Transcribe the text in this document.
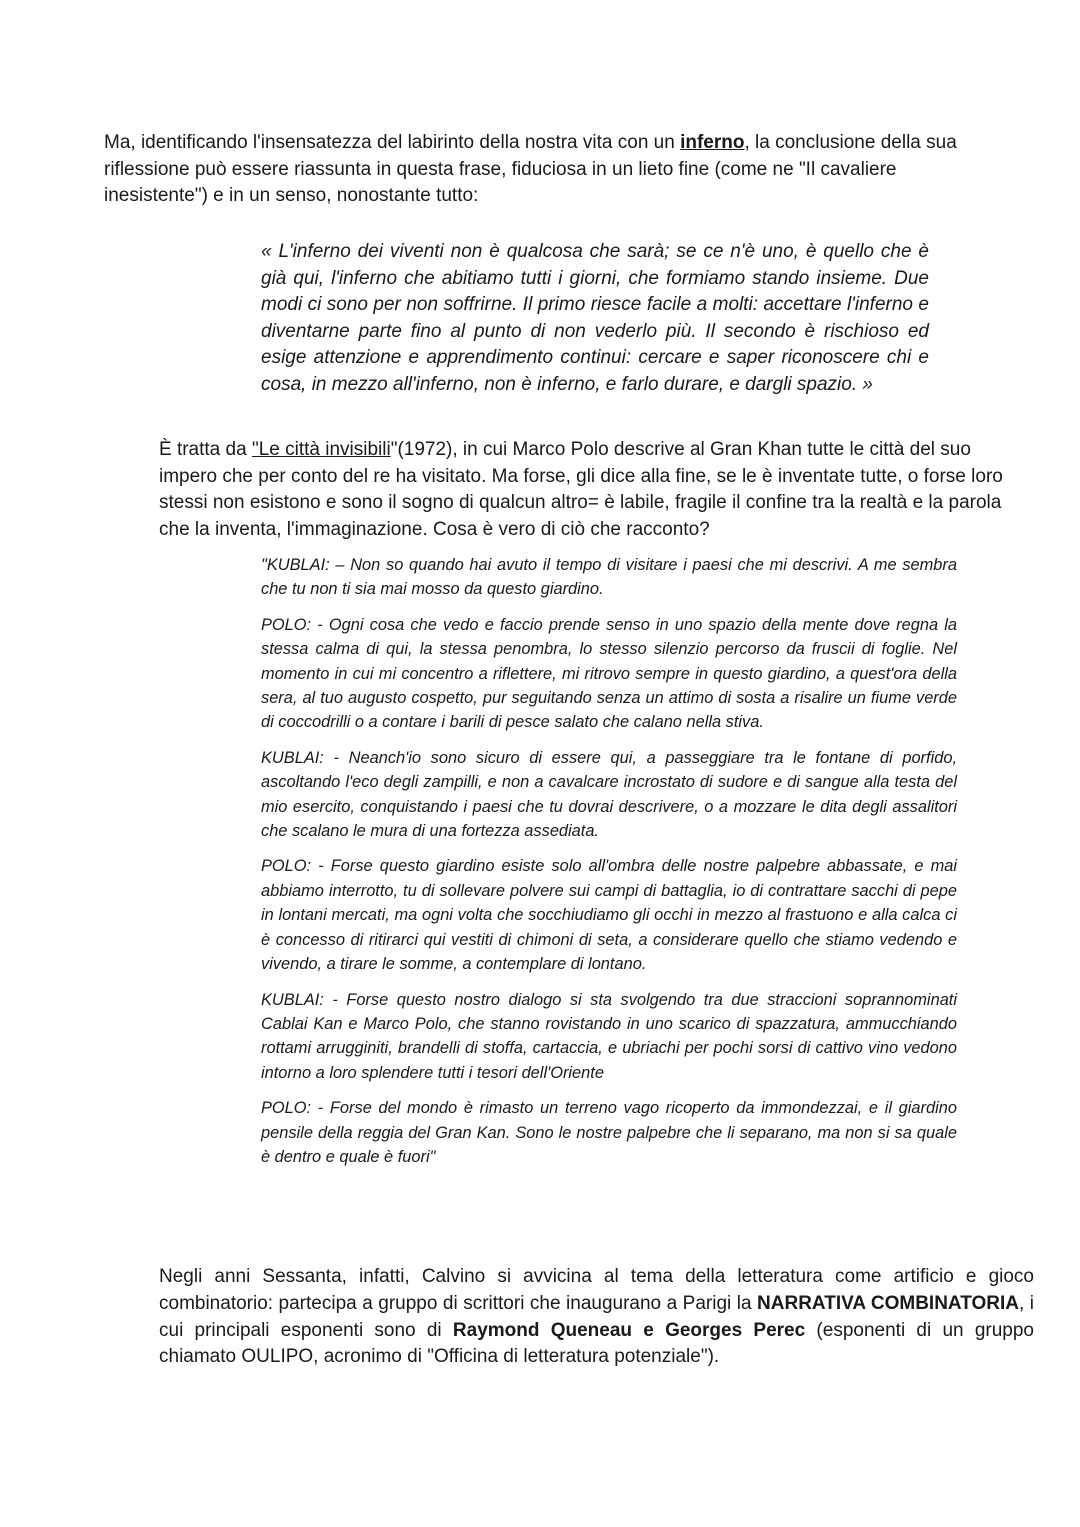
Ma, identificando l'insensatezza del labirinto della nostra vita con un inferno, la conclusione della sua riflessione può essere riassunta in questa frase, fiduciosa in un lieto fine (come ne "Il cavaliere inesistente") e in un senso, nonostante tutto:

« L'inferno dei viventi non è qualcosa che sarà; se ce n'è uno, è quello che è già qui, l'inferno che abitiamo tutti i giorni, che formiamo stando insieme. Due modi ci sono per non soffrirne. Il primo riesce facile a molti: accettare l'inferno e diventarne parte fino al punto di non vederlo più. Il secondo è rischioso ed esige attenzione e apprendimento continui: cercare e saper riconoscere chi e cosa, in mezzo all'inferno, non è inferno, e farlo durare, e dargli spazio. »

È tratta da "Le città invisibili"(1972), in cui Marco Polo descrive al Gran Khan tutte le città del suo impero che per conto del re ha visitato. Ma forse, gli dice alla fine, se le è inventate tutte, o forse loro stessi non esistono e sono il sogno di qualcun altro= è labile, fragile il confine tra la realtà e la parola che la inventa, l'immaginazione. Cosa è vero di ciò che racconto?

"KUBLAI: – Non so quando hai avuto il tempo di visitare i paesi che mi descrivi. A me sembra che tu non ti sia mai mosso da questo giardino.

POLO: - Ogni cosa che vedo e faccio prende senso in uno spazio della mente dove regna la stessa calma di qui, la stessa penombra, lo stesso silenzio percorso da fruscii di foglie. Nel momento in cui mi concentro a riflettere, mi ritrovo sempre in questo giardino, a quest'ora della sera, al tuo augusto cospetto, pur seguitando senza un attimo di sosta a risalire un fiume verde di coccodrilli o a contare i barili di pesce salato che calano nella stiva.

KUBLAI: - Neanch'io sono sicuro di essere qui, a passeggiare tra le fontane di porfido, ascoltando l'eco degli zampilli, e non a cavalcare incrostato di sudore e di sangue alla testa del mio esercito, conquistando i paesi che tu dovrai descrivere, o a mozzare le dita degli assalitori che scalano le mura di una fortezza assediata.

POLO: - Forse questo giardino esiste solo all'ombra delle nostre palpebre abbassate, e mai abbiamo interrotto, tu di sollevare polvere sui campi di battaglia, io di contrattare sacchi di pepe in lontani mercati, ma ogni volta che socchiudiamo gli occhi in mezzo al frastuono e alla calca ci è concesso di ritirarci qui vestiti di chimoni di seta, a considerare quello che stiamo vedendo e vivendo, a tirare le somme, a contemplare di lontano.

KUBLAI: - Forse questo nostro dialogo si sta svolgendo tra due straccioni soprannominati Cablai Kan e Marco Polo, che stanno rovistando in uno scarico di spazzatura, ammucchiando rottami arrugginiti, brandelli di stoffa, cartaccia, e ubriachi per pochi sorsi di cattivo vino vedono intorno a loro splendere tutti i tesori dell'Oriente

POLO: - Forse del mondo è rimasto un terreno vago ricoperto da immondezzai, e il giardino pensile della reggia del Gran Kan. Sono le nostre palpebre che li separano, ma non si sa quale è dentro e quale è fuori"

Negli anni Sessanta, infatti, Calvino si avvicina al tema della letteratura come artificio e gioco combinatorio: partecipa a gruppo di scrittori che inaugurano a Parigi la NARRATIVA COMBINATORIA, i cui principali esponenti sono di Raymond Queneau e Georges Perec (esponenti di un gruppo chiamato OULIPO, acronimo di "Officina di letteratura potenziale").
